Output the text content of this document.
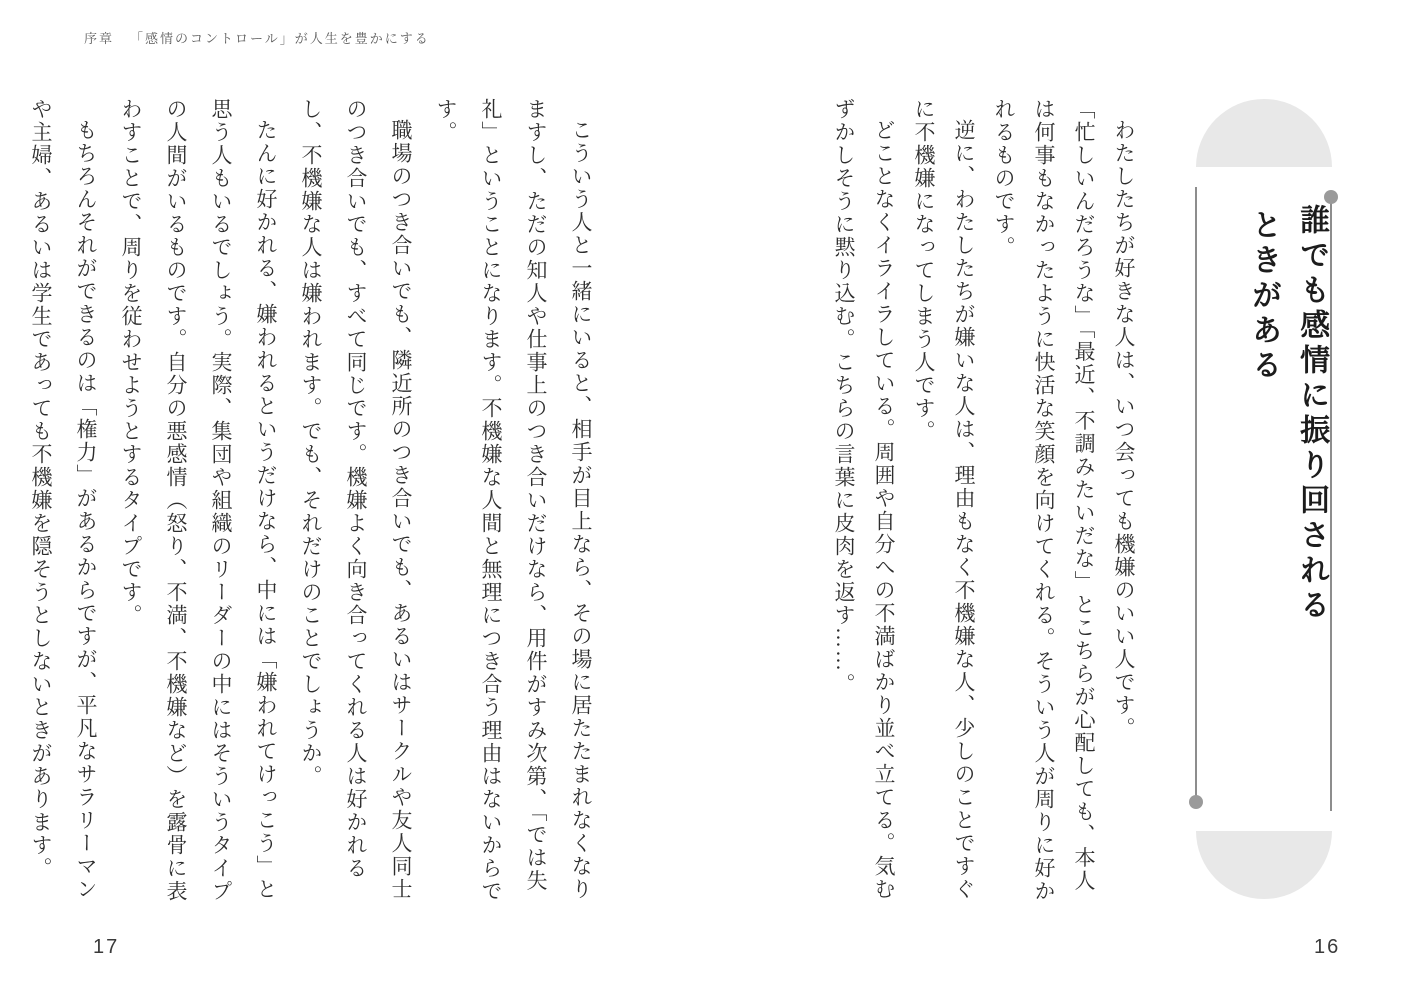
序章 「感情のコントロール」が人生を豊かにする
誰でも感情に振り回される
ときがある

わたしたちが好きな人は、いつ会っても機嫌のいい人です。

「忙しいんだろうな」「最近、不調みたいだな」とこちらが心配しても、本人は何事もなかったように快活な笑顔を向けてくれる。そういう人が周りに好かれるものです。

逆に、わたしたちが嫌いな人は、理由もなく不機嫌な人、少しのことですぐに不機嫌になってしまう人です。

どことなくイライラしている。周囲や自分への不満ばかり並べ立てる。気むずかしそうに黙り込む。こちらの言葉に皮肉を返す……。

16

こういう人と一緒にいると、相手が目上なら、その場に居たたまれなくなりますし、ただの知人や仕事上のつき合いだけなら、用件がすみ次第、「では失礼」ということになります。不機嫌な人間と無理につき合う理由はないからです。

職場のつき合いでも、隣近所のつき合いでも、あるいはサークルや友人同士のつき合いでも、すべて同じです。機嫌よく向き合ってくれる人は好かれるし、不機嫌な人は嫌われます。でも、それだけのことでしょうか。

たんに好かれる、嫌われるというだけなら、中には「嫌われてけっこう」と思う人もいるでしょう。実際、集団や組織のリーダーの中にはそういうタイプの人間がいるものです。自分の悪感情（怒り、不満、不機嫌など）を露骨に表わすことで、周りを従わせようとするタイプです。

もちろんそれができるのは「権力」があるからですが、平凡なサラリーマンや主婦、あるいは学生であっても不機嫌を隠そうとしないときがあります。

17
